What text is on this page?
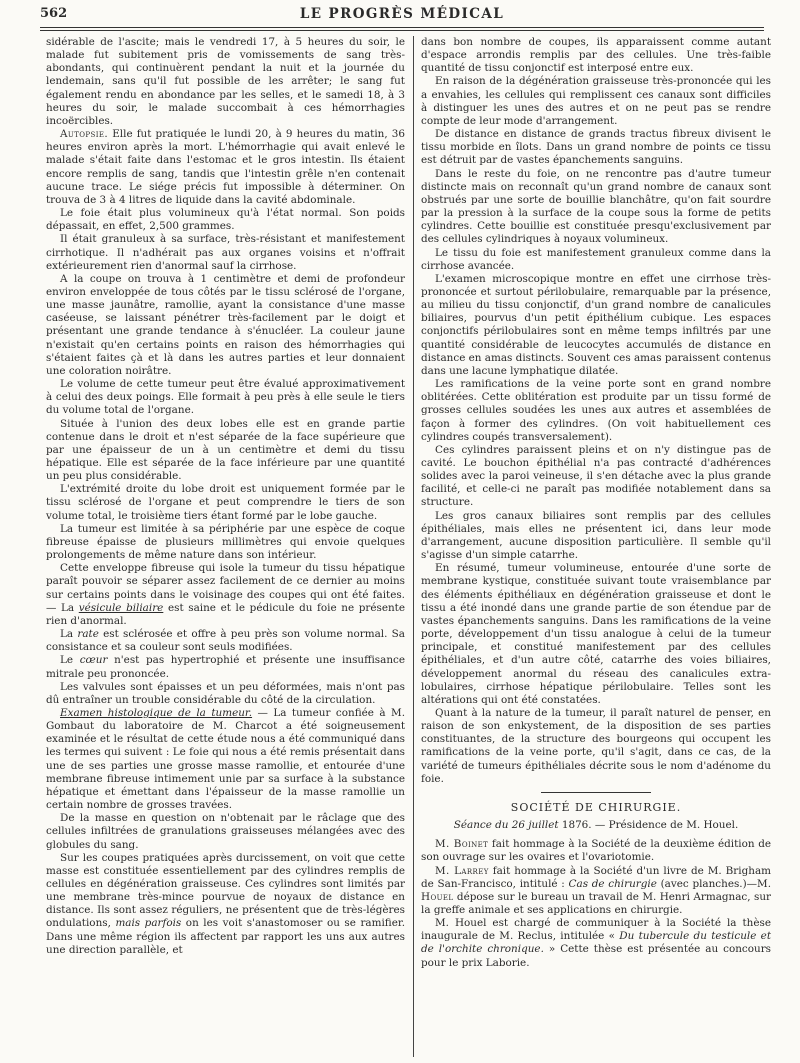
562	LE PROGRÈS MÉDICAL

sidérable de l'ascite; mais le vendredi 17, à 5 heures du soir, le malade fut subitement pris de vomissements de sang très-abondants, qui continuèrent pendant la nuit et la journée du lendemain, sans qu'il fut possible de les arrêter; le sang fut également rendu en abondance par les selles, et le samedi 18, à 3 heures du soir, le malade succombait à ces hémorrhagies incoërcibles.

Autopsie. Elle fut pratiquée le lundi 20, à 9 heures du matin, 36 heures environ après la mort. L'hémorrhagie qui avait enlevé le malade s'était faite dans l'estomac et le gros intestin. Ils étaient encore remplis de sang, tandis que l'intestin grêle n'en contenait aucune trace. Le siége précis fut impossible à déterminer. On trouva de 3 à 4 litres de liquide dans la cavité abdominale.

Le foie était plus volumineux qu'à l'état normal. Son poids dépassait, en effet, 2,500 grammes.

Il était granuleux à sa surface, très-résistant et manifestement cirrhotique. Il n'adhérait pas aux organes voisins et n'offrait extérieurement rien d'anormal sauf la cirrhose.

A la coupe on trouva à 1 centimètre et demi de profondeur environ enveloppée de tous côtés par le tissu sclérosé de l'organe, une masse jaunâtre, ramollie, ayant la consistance d'une masse caséeuse, se laissant pénétrer très-facilement par le doigt et présentant une grande tendance à s'énucléer. La couleur jaune n'existait qu'en certains points en raison des hémorrhagies qui s'étaient faites çà et là dans les autres parties et leur donnaient une coloration noirâtre.

Le volume de cette tumeur peut être évalué approximativement à celui des deux poings. Elle formait à peu près à elle seule le tiers du volume total de l'organe.

Située à l'union des deux lobes elle est en grande partie contenue dans le droit et n'est séparée de la face supérieure que par une épaisseur de un à un centimètre et demi du tissu hépatique. Elle est séparée de la face inférieure par une quantité un peu plus considérable.

L'extrémité droite du lobe droit est uniquement formée par le tissu sclérosé de l'organe et peut comprendre le tiers de son volume total, le troisième tiers étant formé par le lobe gauche.

La tumeur est limitée à sa périphérie par une espèce de coque fibreuse épaisse de plusieurs millimètres qui envoie quelques prolongements de même nature dans son intérieur.

Cette enveloppe fibreuse qui isole la tumeur du tissu hépatique paraît pouvoir se séparer assez facilement de ce dernier au moins sur certains points dans le voisinage des coupes qui ont été faites. — La vésicule biliaire est saine et le pédicule du foie ne présente rien d'anormal.

La rate est sclérosée et offre à peu près son volume normal. Sa consistance et sa couleur sont seuls modifiées.

Le cœur n'est pas hypertrophié et présente une insuffisance mitrale peu prononcée.

Les valvules sont épaisses et un peu déformées, mais n'ont pas dû entraîner un trouble considérable du côté de la circulation.

Examen histologique de la tumeur. — La tumeur confiée à M. Gombaut du laboratoire de M. Charcot a été soigneusement examinée et le résultat de cette étude nous a été communiqué dans les termes qui suivent : Le foie qui nous a été remis présentait dans une de ses parties une grosse masse ramollie, et entourée d'une membrane fibreuse intimement unie par sa surface à la substance hépatique et émettant dans l'épaisseur de la masse ramollie un certain nombre de grosses travées.

De la masse en question on n'obtenait par le râclage que des cellules infiltrées de granulations graisseuses mélangées avec des globules du sang.

Sur les coupes pratiquées après durcissement, on voit que cette masse est constituée essentiellement par des cylindres remplis de cellules en dégénération graisseuse. Ces cylindres sont limités par une membrane très-mince pourvue de noyaux de distance en distance. Ils sont assez réguliers, ne présentent que de très-légères ondulations, mais parfois on les voit s'anastomoser ou se ramifier. Dans une même région ils affectent par rapport les uns aux autres une direction parallèle, et

dans bon nombre de coupes, ils apparaissent comme autant d'espace arrondis remplis par des cellules. Une très-faible quantité de tissu conjonctif est interposé entre eux.

En raison de la dégénération graisseuse très-prononcée qui les a envahies, les cellules qui remplissent ces canaux sont difficiles à distinguer les unes des autres et on ne peut pas se rendre compte de leur mode d'arrangement.

De distance en distance de grands tractus fibreux divisent le tissu morbide en îlots. Dans un grand nombre de points ce tissu est détruit par de vastes épanchements sanguins.

Dans le reste du foie, on ne rencontre pas d'autre tumeur distincte mais on reconnaît qu'un grand nombre de canaux sont obstrués par une sorte de bouillie blanchâtre, qu'on fait sourdre par la pression à la surface de la coupe sous la forme de petits cylindres. Cette bouillie est constituée presqu'exclusivement par des cellules cylindriques à noyaux volumineux.

Le tissu du foie est manifestement granuleux comme dans la cirrhose avancée.

L'examen microscopique montre en effet une cirrhose très-prononcée et surtout périlobulaire, remarquable par la présence, au milieu du tissu conjonctif, d'un grand nombre de canalicules biliaires, pourvus d'un petit épithélium cubique. Les espaces conjonctifs périlobulaires sont en même temps infiltrés par une quantité considérable de leucocytes accumulés de distance en distance en amas distincts. Souvent ces amas paraissent contenus dans une lacune lymphatique dilatée.

Les ramifications de la veine porte sont en grand nombre oblitérées. Cette oblitération est produite par un tissu formé de grosses cellules soudées les unes aux autres et assemblées de façon à former des cylindres. (On voit habituellement ces cylindres coupés transversalement).

Ces cylindres paraissent pleins et on n'y distingue pas de cavité. Le bouchon épithélial n'a pas contracté d'adhérences solides avec la paroi veineuse, il s'en détache avec la plus grande facilité, et celle-ci ne paraît pas modifiée notablement dans sa structure.

Les gros canaux biliaires sont remplis par des cellules épithéliales, mais elles ne présentent ici, dans leur mode d'arrangement, aucune disposition particulière. Il semble qu'il s'agisse d'un simple catarrhe.

En résumé, tumeur volumineuse, entourée d'une sorte de membrane kystique, constituée suivant toute vraisemblance par des éléments épithéliaux en dégénération graisseuse et dont le tissu a été inondé dans une grande partie de son étendue par de vastes épanchements sanguins. Dans les ramifications de la veine porte, développement d'un tissu analogue à celui de la tumeur principale, et constitué manifestement par des cellules épithéliales, et d'un autre côté, catarrhe des voies biliaires, développement anormal du réseau des canalicules extra-lobulaires, cirrhose hépatique périlobulaire. Telles sont les altérations qui ont été constatées.

Quant à la nature de la tumeur, il paraît naturel de penser, en raison de son enkystement, de la disposition de ses parties constituantes, de la structure des bourgeons qui occupent les ramifications de la veine porte, qu'il s'agit, dans ce cas, de la variété de tumeurs épithéliales décrite sous le nom d'adénome du foie.

SOCIÉTÉ DE CHIRURGIE.
Séance du 26 juillet 1876. — Présidence de M. Houel.

M. Boinet fait hommage à la Société de la deuxième édition de son ouvrage sur les ovaires et l'ovariotomie.

M. Larrey fait hommage à la Société d'un livre de M. Brigham de San-Francisco, intitulé : Cas de chirurgie (avec planches.)—M. Houel dépose sur le bureau un travail de M. Henri Armagnac, sur la greffe animale et ses applications en chirurgie.

M. Houel est chargé de communiquer à la Société la thèse inaugurale de M. Reclus, intitulée « Du tubercule du testicule et de l'orchite chronique. » Cette thèse est présentée au concours pour le prix Laborie.
